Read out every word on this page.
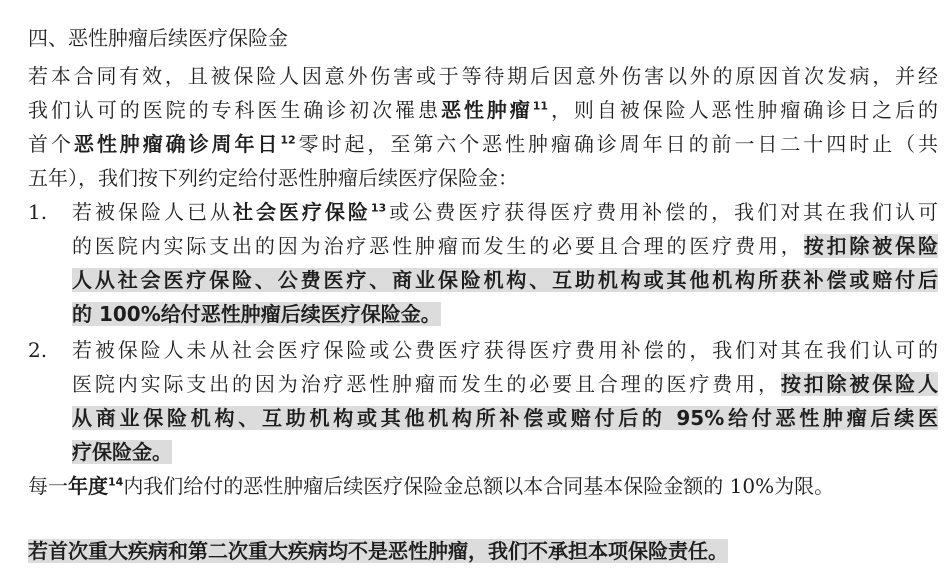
四、恶性肿瘤后续医疗保险金
若本合同有效，且被保险人因意外伤害或于等待期后因意外伤害以外的原因首次发病，并经
我们认可的医院的专科医生确诊初次罹患恶性肿瘤$^{11}$，则自被保险人恶性肿瘤确诊日之后的
首个恶性肿瘤确诊周年日$^{12}$零时起，至第六个恶性肿瘤确诊周年日的前一日二十四时止（共
五年），我们按下列约定给付恶性肿瘤后续医疗保险金：
1. 若被保险人已从社会医疗保险$^{13}$或公费医疗获得医疗费用补偿的，我们对其在我们认可
的医院内实际支出的因为治疗恶性肿瘤而发生的必要且合理的医疗费用，按扣除被保险
人从社会医疗保险、公费医疗、商业保险机构、互助机构或其他机构所获补偿或赔付后
的 100%给付恶性肿瘤后续医疗保险金。
2. 若被保险人未从社会医疗保险或公费医疗获得医疗费用补偿的，我们对其在我们认可的
医院内实际支出的因为治疗恶性肿瘤而发生的必要且合理的医疗费用，按扣除被保险人
从商业保险机构、互助机构或其他机构所补偿或赔付后的 95%给付恶性肿瘤后续医
疗保险金。
每一年度$^{14}$内我们给付的恶性肿瘤后续医疗保险金总额以本合同基本保险金额的 10%为限。
若首次重大疾病和第二次重大疾病均不是恶性肿瘤，我们不承担本项保险责任。
